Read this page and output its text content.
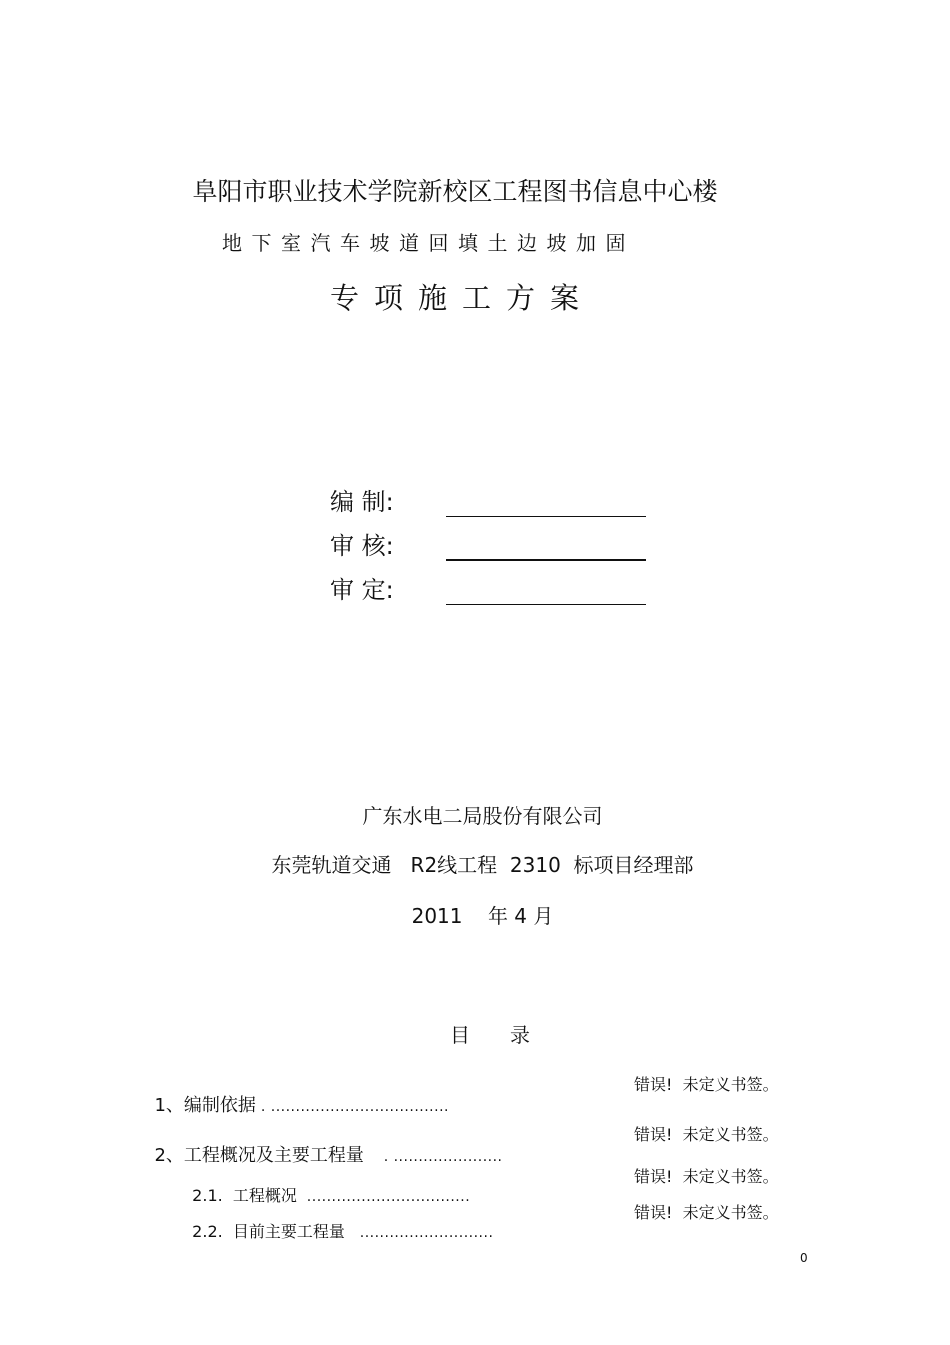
阜阳市职业技术学院新校区工程图书信息中心楼
地下室汽车坡道回填土边坡加固
专项施工方案
编 制:
审 核:
审 定:
广东水电二局股份有限公司
东莞轨道交通   R2线工程  2310  标项目经理部
2011    年 4 月
目录

1、编制依据 . ....................................

错误!  未定义书签。

2、工程概况及主要工程量    . ......................

错误!  未定义书签。

2.1.  工程概况  .................................

错误!  未定义书签。

2.2.  目前主要工程量   ...........................

错误!  未定义书签。
0
